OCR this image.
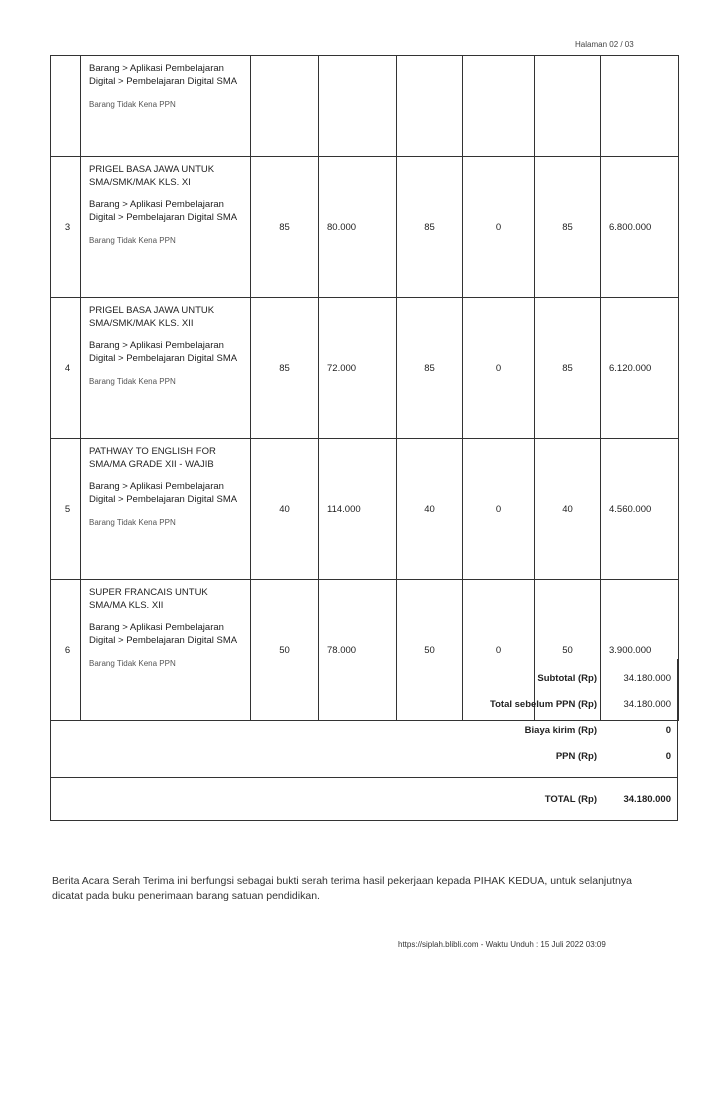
Halaman 02 / 03

	Barang > Aplikasi Pembelajaran Digital > Pembelajaran Digital SMA
Barang Tidak Kena PPN						

3	PRIGEL BASA JAWA UNTUK SMA/SMK/MAK KLS. XI
Barang > Aplikasi Pembelajaran Digital > Pembelajaran Digital SMA
Barang Tidak Kena PPN	85	80.000	85	0	85	6.800.000
4	PRIGEL BASA JAWA UNTUK SMA/SMK/MAK KLS. XII
Barang > Aplikasi Pembelajaran Digital > Pembelajaran Digital SMA
Barang Tidak Kena PPN	85	72.000	85	0	85	6.120.000
5	PATHWAY TO ENGLISH FOR SMA/MA GRADE XII - WAJIB
Barang > Aplikasi Pembelajaran Digital > Pembelajaran Digital SMA
Barang Tidak Kena PPN	40	114.000	40	0	40	4.560.000
6	SUPER FRANCAIS UNTUK SMA/MA KLS. XII
Barang > Aplikasi Pembelajaran Digital > Pembelajaran Digital SMA
Barang Tidak Kena PPN	50	78.000	50	0	50	3.900.000
Subtotal (Rp)	34.180.000
Total sebelum PPN (Rp)	34.180.000
Biaya kirim (Rp)	0
PPN (Rp)	0
TOTAL (Rp)	34.180.000
Berita Acara Serah Terima ini berfungsi sebagai bukti serah terima hasil pekerjaan kepada PIHAK KEDUA, untuk selanjutnya dicatat pada buku penerimaan barang satuan pendidikan.
https://siplah.blibli.com - Waktu Unduh : 15 Juli 2022 03:09
